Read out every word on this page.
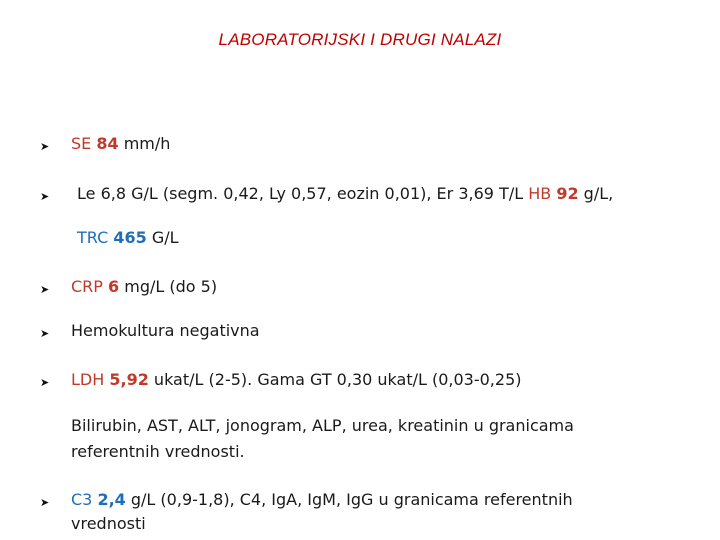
LABORATORIJSKI I DRUGI NALAZI
➤ SE 84 mm/h
➤ Le 6,8 G/L (segm. 0,42, Ly 0,57, eozin 0,01), Er 3,69 T/L HB 92 g/L,
TRC 465 G/L
➤ CRP 6 mg/L (do 5)
➤ Hemokultura negativna
➤ LDH 5,92 ukat/L (2-5). Gama GT 0,30 ukat/L (0,03-0,25)
Bilirubin, AST, ALT, jonogram, ALP, urea, kreatinin u granicama
referentnih vrednosti.
➤ C3 2,4 g/L (0,9-1,8), C4, IgA, IgM, IgG u granicama referentnih
vrednosti
